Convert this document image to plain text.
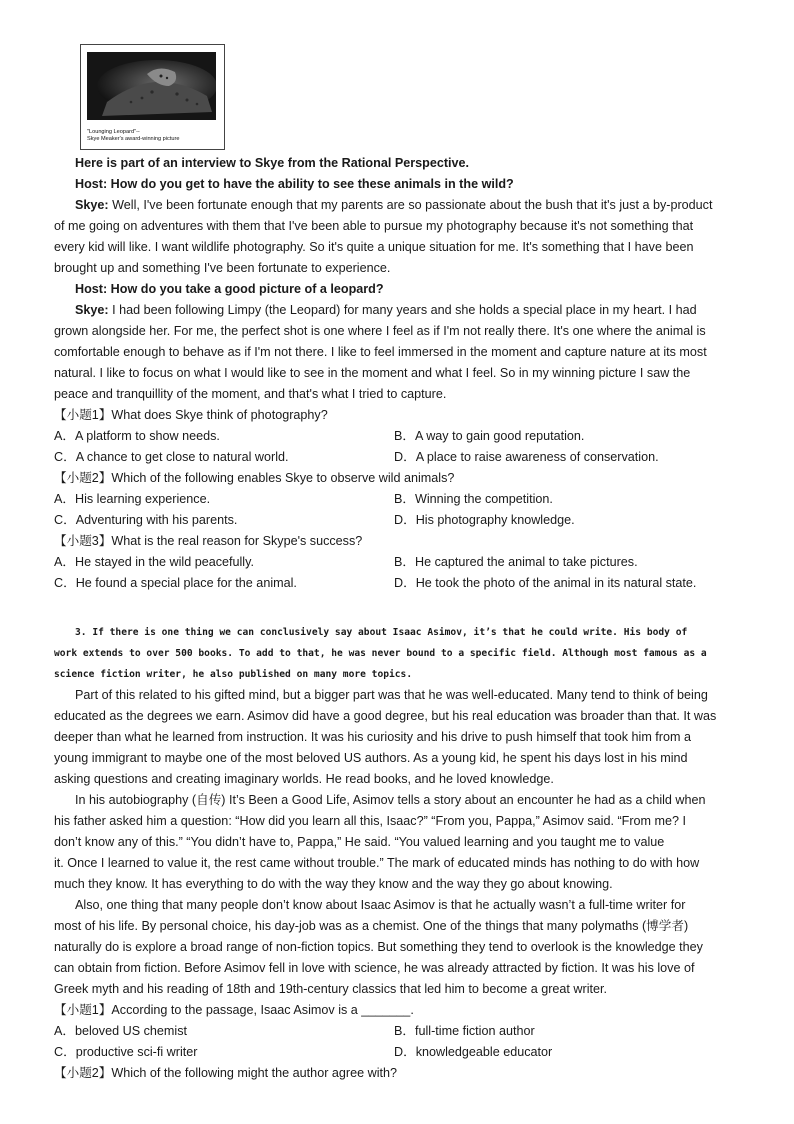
"Lounging Leopard"--
Skye Meaker's award-winning picture
Here is part of an interview to Skye from the Rational Perspective.
Host: How do you get to have the ability to see these animals in the wild?
Skye: Well, I've been fortunate enough that my parents are so passionate about the bush that it's just a by-product
of me going on adventures with them that I've been able to pursue my photography because it's not something that
every kid will like. I want wildlife photography. So it's quite a unique situation for me. It's something that I have been
brought up and something I've been fortunate to experience.
Host: How do you take a good picture of a leopard?
Skye: I had been following Limpy (the Leopard) for many years and she holds a special place in my heart. I had
grown alongside her. For me, the perfect shot is one where I feel as if I'm not really there. It's one where the animal is
comfortable enough to behave as if I'm not there. I like to feel immersed in the moment and capture nature at its most
natural. I like to focus on what I would like to see in the moment and what I feel. So in my winning picture I saw the
peace and tranquillity of the moment, and that's what I tried to capture.
【小题1】What does Skye think of photography?
A．A platform to show needs.	B．A way to gain good reputation.
C．A chance to get close to natural world.	D．A place to raise awareness of conservation.
【小题2】Which of the following enables Skye to observe wild animals?
A．His learning experience.	B．Winning the competition.
C．Adventuring with his parents.	D．His photography knowledge.
【小题3】What is the real reason for Skype's success?
A．He stayed in the wild peacefully.	B．He captured the animal to take pictures.
C．He found a special place for the animal.	D．He took the photo of the animal in its natural state.
3. If there is one thing we can conclusively say about Isaac Asimov, it’s that he could write. His body of
work extends to over 500 books. To add to that, he was never bound to a specific field. Although most famous as a
science fiction writer, he also published on many more topics.
Part of this related to his gifted mind, but a bigger part was that he was well-educated. Many tend to think of being
educated as the degrees we earn. Asimov did have a good degree, but his real education was broader than that. It was
deeper than what he learned from instruction. It was his curiosity and his drive to push himself that took him from a
young immigrant to maybe one of the most beloved US authors. As a young kid, he spent his days lost in his mind
asking questions and creating imaginary worlds. He read books, and he loved knowledge.
In his autobiography (自传) It’s Been a Good Life, Asimov tells a story about an encounter he had as a child when
his father asked him a question: “How did you learn all this, Isaac?” “From you, Pappa,” Asimov said. “From me? I
don’t know any of this.” “You didn’t have to, Pappa,” He said. “You valued learning and you taught me to value
it. Once I learned to value it, the rest came without trouble.” The mark of educated minds has nothing to do with how
much they know. It has everything to do with the way they know and the way they go about knowing.
Also, one thing that many people don’t know about Isaac Asimov is that he actually wasn’t a full-time writer for
most of his life. By personal choice, his day-job was as a chemist. One of the things that many polymaths (博学者)
naturally do is explore a broad range of non-fiction topics. But something they tend to overlook is the knowledge they
can obtain from fiction. Before Asimov fell in love with science, he was already attracted by fiction. It was his love of
Greek myth and his reading of 18th and 19th-century classics that led him to become a great writer.
【小题1】According to the passage, Isaac Asimov is a _______.
A．beloved US chemist	B．full-time fiction author
C．productive sci-fi writer	D．knowledgeable educator
【小题2】Which of the following might the author agree with?
